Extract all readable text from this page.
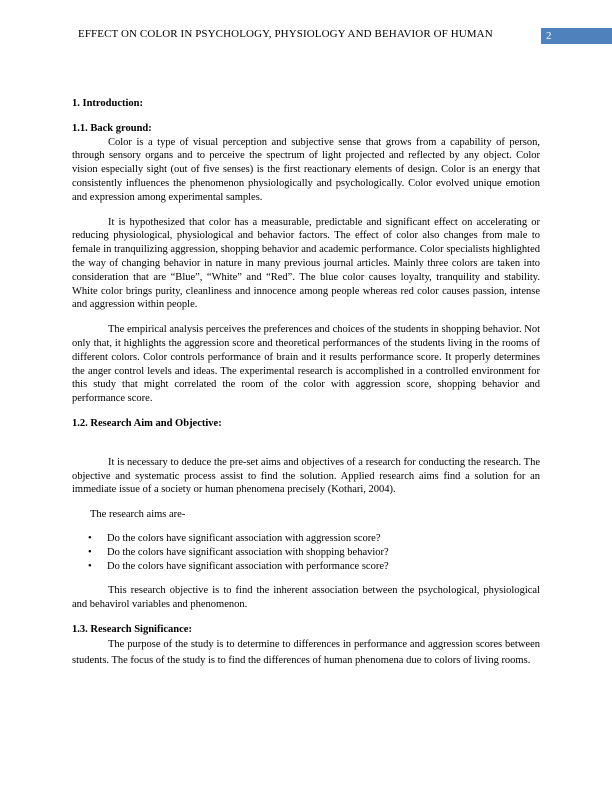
EFFECT ON COLOR IN PSYCHOLOGY, PHYSIOLOGY AND BEHAVIOR OF HUMAN	2

1. Introduction:

1.1. Back ground:

Color is a type of visual perception and subjective sense that grows from a capability of person, through sensory organs and to perceive the spectrum of light projected and reflected by any object. Color vision especially sight (out of five senses) is the first reactionary elements of design. Color is an energy that consistently influences the phenomenon physiologically and psychologically. Color evolved unique emotion and expression among experimental samples.

It is hypothesized that color has a measurable, predictable and significant effect on accelerating or reducing physiological, physiological and behavior factors. The effect of color also changes from male to female in tranquilizing aggression, shopping behavior and academic performance. Color specialists highlighted the way of changing behavior in nature in many previous journal articles. Mainly three colors are taken into consideration that are “Blue”, “White” and “Red”. The blue color causes loyalty, tranquility and stability. White color brings purity, cleanliness and innocence among people whereas red color causes passion, intense and aggression within people.

The empirical analysis perceives the preferences and choices of the students in shopping behavior. Not only that, it highlights the aggression score and theoretical performances of the students living in the rooms of different colors. Color controls performance of brain and it results performance score. It properly determines the anger control levels and ideas. The experimental research is accomplished in a controlled environment for this study that might correlated the room of the color with aggression score, shopping behavior and performance score.

1.2. Research Aim and Objective:

It is necessary to deduce the pre-set aims and objectives of a research for conducting the research. The objective and systematic process assist to find the solution. Applied research aims find a solution for an immediate issue of a society or human phenomena precisely (Kothari, 2004).

The research aims are-

• Do the colors have significant association with aggression score?
• Do the colors have significant association with shopping behavior?
• Do the colors have significant association with performance score?

This research objective is to find the inherent association between the psychological, physiological and behavirol variables and phenomenon.

1.3. Research Significance:

The purpose of the study is to determine to differences in performance and aggression scores between students. The focus of the study is to find the differences of human phenomena due to colors of living rooms.
